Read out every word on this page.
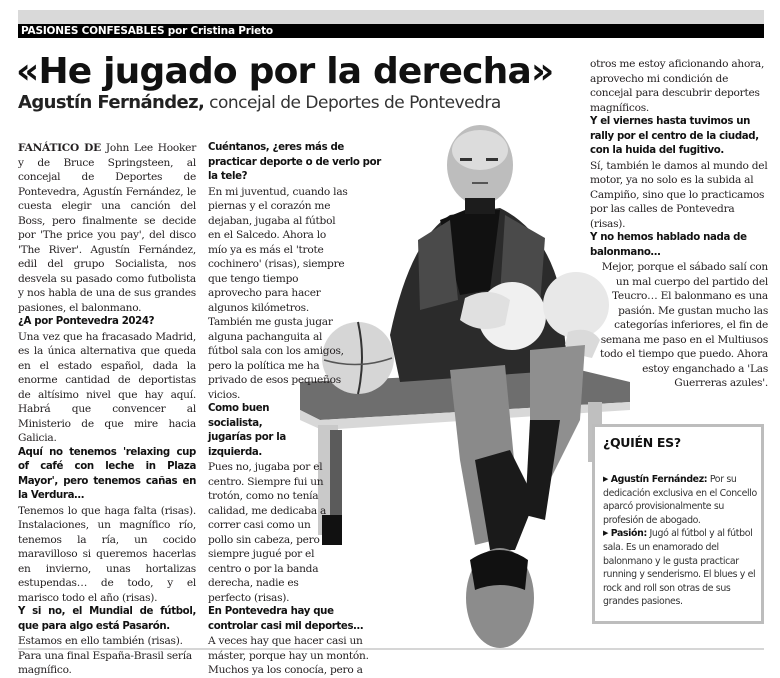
PASIONES CONFESABLES por Cristina Prieto
«He jugado por la derecha»
Agustín Fernández, concejal de Deportes de Pontevedra

FANÁTICO DE John Lee Hooker y de Bruce Springsteen, al concejal de Deportes de Pontevedra, Agustín Fernández, le cuesta elegir una canción del Boss, pero finalmente se decide por 'The price you pay', del disco 'The River'. Agustín Fernández, edil del grupo Socialista, nos desvela su pasado como futbolista y nos habla de una de sus grandes pasiones, el balonmano.

¿A por Pontevedra 2024?

Una vez que ha fracasado Madrid, es la única alternativa que queda en el estado español, dada la enorme cantidad de deportistas de altísimo nivel que hay aquí. Habrá que convencer al Ministerio de que mire hacia Galicia.

Aquí no tenemos 'relaxing cup of café con leche in Plaza Mayor', pero tenemos cañas en la Verdura…

Tenemos lo que haga falta (risas). Instalaciones, un magnífico río, tenemos la ría, un cocido maravilloso si queremos hacerlas en invierno, unas hortalizas estupendas… de todo, y el marisco todo el año (risas).

Y si no, el Mundial de fútbol, que para algo está Pasarón.

Estamos en ello también (risas). Para una final España-Brasil sería magnífico.

Cuéntanos, ¿eres más de practicar deporte o de verlo por la tele?

En mi juventud, cuando las piernas y el corazón me dejaban, jugaba al fútbol en el Salcedo. Ahora lo mío ya es más el 'trote cochinero' (risas), siempre que tengo tiempo aprovecho para hacer algunos kilómetros. También me gusta jugar alguna pachanguita al fútbol sala con los amigos, pero la política me ha privado de esos pequeños vicios.

Como buen socialista, jugarías por la izquierda.

Pues no, jugaba por el centro. Siempre fui un trotón, como no tenía calidad, me dedicaba a correr casi como un pollo sin cabeza, pero siempre jugué por el centro o por la banda derecha, nadie es perfecto (risas).

En Pontevedra hay que controlar casi mil deportes…

A veces hay que hacer casi un máster, porque hay un montón. Muchos ya los conocía, pero a

otros me estoy aficionando ahora, aprovecho mi condición de concejal para descubrir deportes magníficos.

Y el viernes hasta tuvimos un rally por el centro de la ciudad, con la huida del fugitivo.

Sí, también le damos al mundo del motor, ya no solo es la subida al Campiño, sino que lo practicamos por las calles de Pontevedra (risas).

Y no hemos hablado nada de balonmano…

Mejor, porque el sábado salí con un mal cuerpo del partido del Teucro… El balonmano es una pasión. Me gustan mucho las categorías inferiores, el fin de semana me paso en el Multiusos todo el tiempo que puedo. Ahora estoy enganchado a 'Las Guerreras azules'.

¿QUIÉN ES?
▶ Agustín Fernández: Por su dedicación exclusiva en el Concello aparcó provisionalmente su profesión de abogado.
▶ Pasión: Jugó al fútbol y al fútbol sala. Es un enamorado del balonmano y le gusta practicar running y senderismo. El blues y el rock and roll son otras de sus grandes pasiones.
